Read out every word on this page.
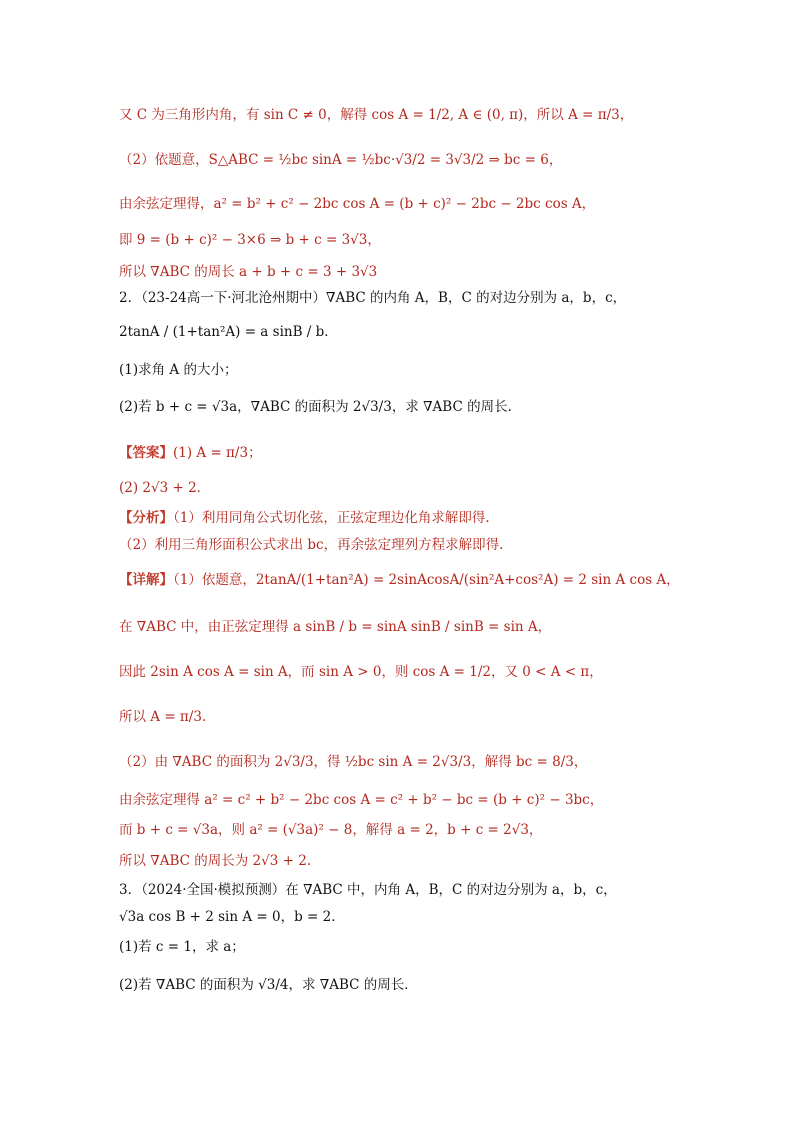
又 C 为三角形内角，有 sin C ≠ 0，解得 cos A = 1/2, A ∈ (0, π)，所以 A = π/3，
（2）依题意，S△ABC = ½bc sinA = ½bc·√3/2 = 3√3/2 ⇒ bc = 6，
由余弦定理得，a² = b² + c² − 2bc cos A = (b + c)² − 2bc − 2bc cos A，
即 9 = (b + c)² − 3×6 ⇒ b + c = 3√3，
所以 ∇ABC 的周长 a + b + c = 3 + 3√3
2．（23-24高一下·河北沧州期中）∇ABC 的内角 A，B，C 的对边分别为 a，b，c，
2tanA / (1+tan²A) = a sinB / b．
(1)求角 A 的大小；
(2)若 b + c = √3a，∇ABC 的面积为 2√3/3，求 ∇ABC 的周长．
【答案】(1) A = π/3；
(2) 2√3 + 2．
【分析】（1）利用同角公式切化弦，正弦定理边化角求解即得.
（2）利用三角形面积公式求出 bc，再余弦定理列方程求解即得.
【详解】（1）依题意，2tanA/(1+tan²A) = 2sinAcosA/(sin²A+cos²A) = 2 sin A cos A，
在 ∇ABC 中，由正弦定理得 a sinB / b = sinA sinB / sinB = sin A，
因此 2sin A cos A = sin A，而 sin A > 0，则 cos A = 1/2，又 0 < A < π，
所以 A = π/3.
（2）由 ∇ABC 的面积为 2√3/3，得 ½bc sin A = 2√3/3，解得 bc = 8/3，
由余弦定理得 a² = c² + b² − 2bc cos A = c² + b² − bc = (b + c)² − 3bc，
而 b + c = √3a，则 a² = (√3a)² − 8，解得 a = 2，b + c = 2√3，
所以 ∇ABC 的周长为 2√3 + 2.
3．（2024·全国·模拟预测）在 ∇ABC 中，内角 A，B，C 的对边分别为 a，b，c，
√3a cos B + 2 sin A = 0，b = 2．
(1)若 c = 1，求 a；
(2)若 ∇ABC 的面积为 √3/4，求 ∇ABC 的周长．
